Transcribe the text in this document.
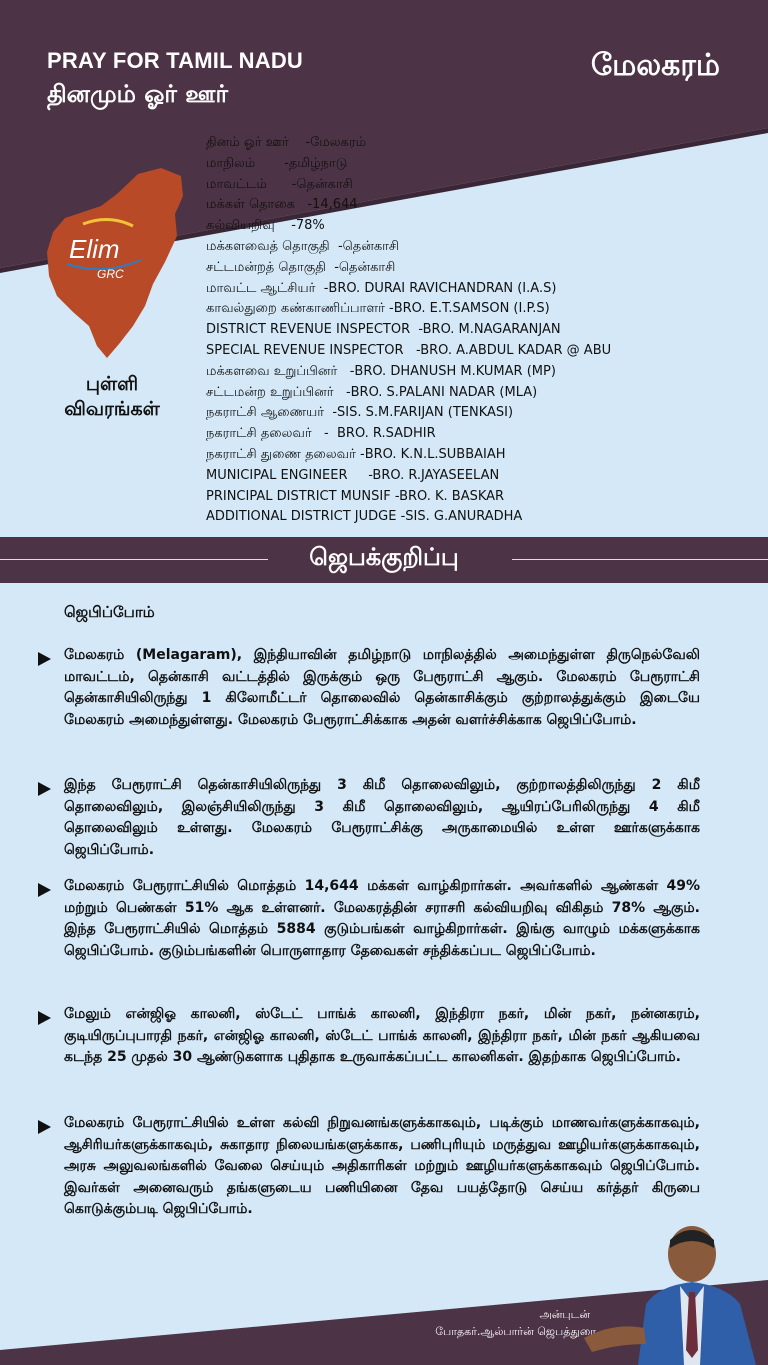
PRAY FOR TAMIL NADU
தினமும் ஓர் ஊர்
மேலகரம்
Elim
GRC
புள்ளி
விவரங்கள்
தினம் ஓர் ஊர் -மேலகரம்
மாநிலம் -தமிழ்நாடு
மாவட்டம் -தென்காசி
மக்கள் தொகை -14,644
கல்வியறிவு -78%
மக்களவைத் தொகுதி -தென்காசி
சட்டமன்றத் தொகுதி -தென்காசி
மாவட்ட ஆட்சியர் -BRO. DURAI RAVICHANDRAN (I.A.S)
காவல்துறை கண்காணிப்பாளர் -BRO. E.T.SAMSON (I.P.S)
DISTRICT REVENUE INSPECTOR -BRO. M.NAGARANJAN
SPECIAL REVENUE INSPECTOR -BRO. A.ABDUL KADAR @ ABU
மக்களவை உறுப்பினர் -BRO. DHANUSH M.KUMAR (MP)
சட்டமன்ற உறுப்பினர் -BRO. S.PALANI NADAR (MLA)
நகராட்சி ஆணையர் -SIS. S.M.FARIJAN (TENKASI)
நகராட்சி தலைவர் -  BRO. R.SADHIR
நகராட்சி துணை தலைவர் -BRO. K.N.L.SUBBAIAH
MUNICIPAL ENGINEER -BRO. R.JAYASEELAN
PRINCIPAL DISTRICT MUNSIF -BRO. K. BASKAR
ADDITIONAL DISTRICT JUDGE -SIS. G.ANURADHA
ஜெபக்குறிப்பு
ஜெபிப்போம்
மேலகரம் (Melagaram), இந்தியாவின் தமிழ்நாடு மாநிலத்தில் அமைந்துள்ள திருநெல்வேலி மாவட்டம், தென்காசி வட்டத்தில் இருக்கும் ஒரு பேரூராட்சி ஆகும். மேலகரம் பேரூராட்சி தென்காசியிலிருந்து 1 கிலோமீட்டர் தொலைவில் தென்காசிக்கும் குற்றாலத்துக்கும் இடையே மேலகரம் அமைந்துள்ளது. மேலகரம் பேரூராட்சிக்காக அதன் வளர்ச்சிக்காக ஜெபிப்போம்.
இந்த பேரூராட்சி தென்காசியிலிருந்து 3 கிமீ தொலைவிலும், குற்றாலத்திலிருந்து 2 கிமீ தொலைவிலும், இலஞ்சியிலிருந்து 3 கிமீ தொலைவிலும், ஆயிரப்பேரிலிருந்து 4 கிமீ தொலைவிலும் உள்ளது. மேலகரம் பேரூராட்சிக்கு அருகாமையில் உள்ள ஊர்களுக்காக ஜெபிப்போம்.
மேலகரம் பேரூராட்சியில் மொத்தம் 14,644 மக்கள் வாழ்கிறார்கள். அவர்களில் ஆண்கள் 49% மற்றும் பெண்கள் 51% ஆக உள்ளனர். மேலகரத்தின் சராசரி கல்வியறிவு விகிதம் 78% ஆகும். இந்த பேரூராட்சியில் மொத்தம் 5884 குடும்பங்கள் வாழ்கிறார்கள். இங்கு வாழும் மக்களுக்காக ஜெபிப்போம். குடும்பங்களின் பொருளாதார தேவைகள் சந்திக்கப்பட ஜெபிப்போம்.
மேலும் என்ஜிஓ காலனி, ஸ்டேட் பாங்க் காலனி, இந்திரா நகர், மின் நகர், நன்னகரம், குடியிருப்புபாரதி நகர், என்ஜிஓ காலனி, ஸ்டேட் பாங்க் காலனி, இந்திரா நகர், மின் நகர் ஆகியவை கடந்த 25 முதல் 30 ஆண்டுகளாக புதிதாக உருவாக்கப்பட்ட காலனிகள். இதற்காக ஜெபிப்போம்.
மேலகரம் பேரூராட்சியில் உள்ள கல்வி நிறுவனங்களுக்காகவும், படிக்கும் மாணவர்களுக்காகவும், ஆசிரியர்களுக்காகவும், சுகாதார நிலையங்களுக்காக, பணிபுரியும் மருத்துவ ஊழியர்களுக்காகவும், அரசு அலுவலங்களில் வேலை செய்யும் அதிகாரிகள் மற்றும் ஊழியர்களுக்காகவும் ஜெபிப்போம். இவர்கள் அனைவரும் தங்களுடைய பணியினை தேவ பயத்தோடு செய்ய கர்த்தர் கிருபை கொடுக்கும்படி ஜெபிப்போம்.
அன்புடன்
போதகர்.ஆல்பார்ன் ஜெபத்துரை
